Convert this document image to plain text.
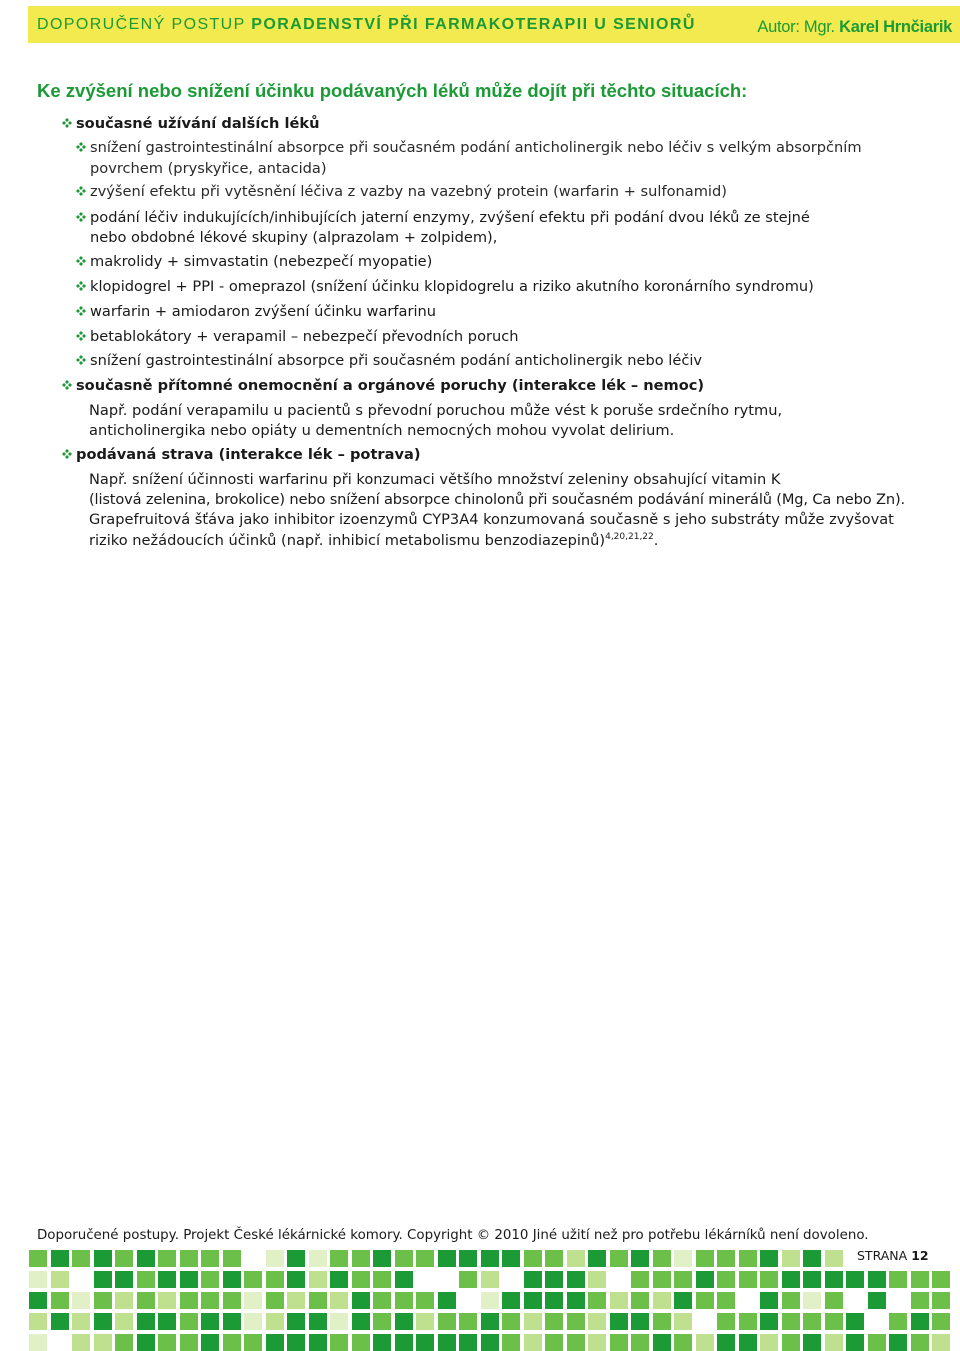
DOPORUČENÝ POSTUP PORADENSTVÍ PŘI FARMAKOTERAPII U SENIORŮ	Autor: Mgr. Karel Hrnčiarik
Ke zvýšení nebo snížení účinku podávaných léků může dojít při těchto situacích:
současné užívání dalších léků
snížení gastrointestinální absorpce při současném podání anticholinergik nebo léčiv s velkým absorpčním
povrchem (pryskyřice, antacida)
zvýšení efektu při vytěsnění léčiva z vazby na vazebný protein (warfarin + sulfonamid)
podání léčiv indukujících/inhibujících jaterní enzymy, zvýšení efektu při podání dvou léků ze stejné
nebo obdobné lékové skupiny (alprazolam + zolpidem),
makrolidy + simvastatin (nebezpečí myopatie)
klopidogrel + PPI - omeprazol (snížení účinku klopidogrelu a riziko akutního koronárního syndromu)
warfarin + amiodaron zvýšení účinku warfarinu
betablokátory + verapamil – nebezpečí převodních poruch
snížení gastrointestinální absorpce při současném podání anticholinergik nebo léčiv
současně přítomné onemocnění a orgánové poruchy (interakce lék – nemoc)
Např. podání verapamilu u pacientů s převodní poruchou může vést k poruše srdečního rytmu,
anticholinergika nebo opiáty u dementních nemocných mohou vyvolat delirium.
podávaná strava (interakce lék – potrava)
Např. snížení účinnosti warfarinu při konzumaci většího množství zeleniny obsahující vitamin K
(listová zelenina, brokolice) nebo snížení absorpce chinolonů při současném podávání minerálů (Mg, Ca nebo Zn).
Grapefruitová šťáva jako inhibitor izoenzymů CYP3A4 konzumovaná současně s jeho substráty může zvyšovat
riziko nežádoucích účinků (např. inhibicí metabolismu benzodiazepinů)$^{4,20,21,22}$.
Doporučené postupy. Projekt České lékárnické komory. Copyright © 2010 Jiné užití než pro potřebu lékárníků není dovoleno.
STRANA 12
